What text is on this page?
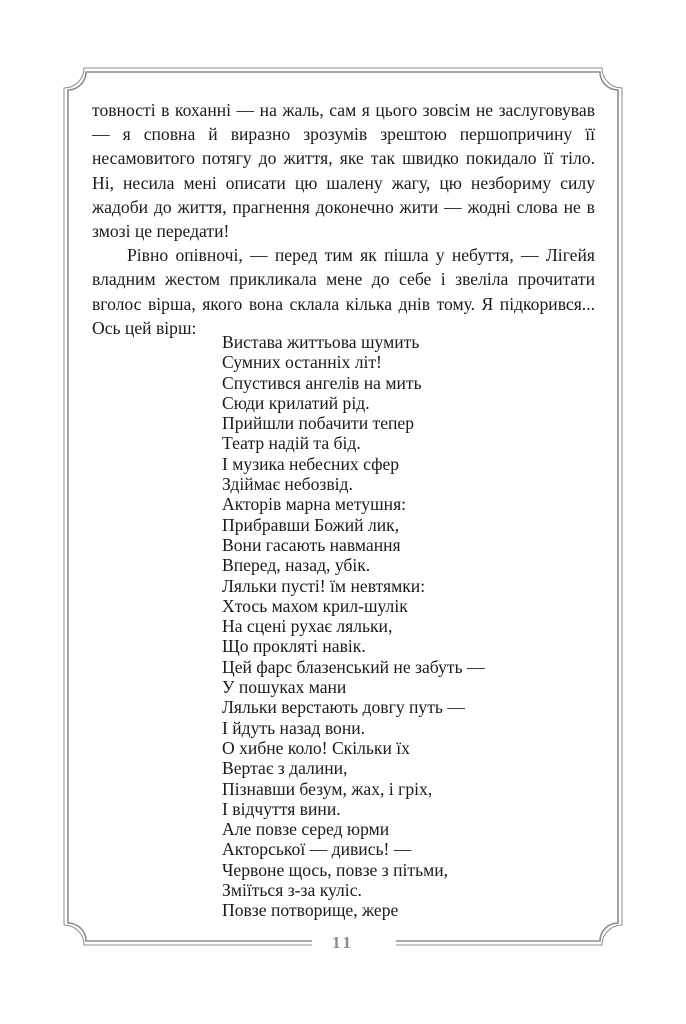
товності в коханні — на жаль, сам я цього зовсім не заслуговував — я сповна й виразно зрозумів зрештою першопричину її несамовитого потягу до життя, яке так швидко покидало її тіло. Ні, несила мені описати цю шалену жагу, цю незбориму силу жадоби до життя, прагнення доконечно жити — жодні слова не в змозі це передати!

Рівно опівночі, — перед тим як пішла у небуття, — Лігейя владним жестом прикликала мене до себе і звеліла прочитати вголос вірша, якого вона склала кілька днів тому. Я підкорився... Ось цей вірш:

Вистава життьова шумить
Сумних останніх літ!
Спустився ангелів на мить
Сюди крилатий рід.
Прийшли побачити тепер
Театр надій та бід.
І музика небесних сфер
Здіймає небозвід.
Акторів марна метушня:
Прибравши Божий лик,
Вони гасають навмання
Вперед, назад, убік.
Ляльки пусті! їм невтямки:
Хтось махом крил-шулік
На сцені рухає ляльки,
Що прокляті навік.
Цей фарс блазенський не забуть —
У пошуках мани
Ляльки верстають довгу путь —
І йдуть назад вони.
О хибне коло! Скільки їх
Вертає з далини,
Пізнавши безум, жах, і гріх,
І відчуття вини.
Але повзе серед юрми
Акторської — дивись! —
Червоне щось, повзе з пітьми,
Зміїться з-за куліс.
Повзе потворище, жере
11
